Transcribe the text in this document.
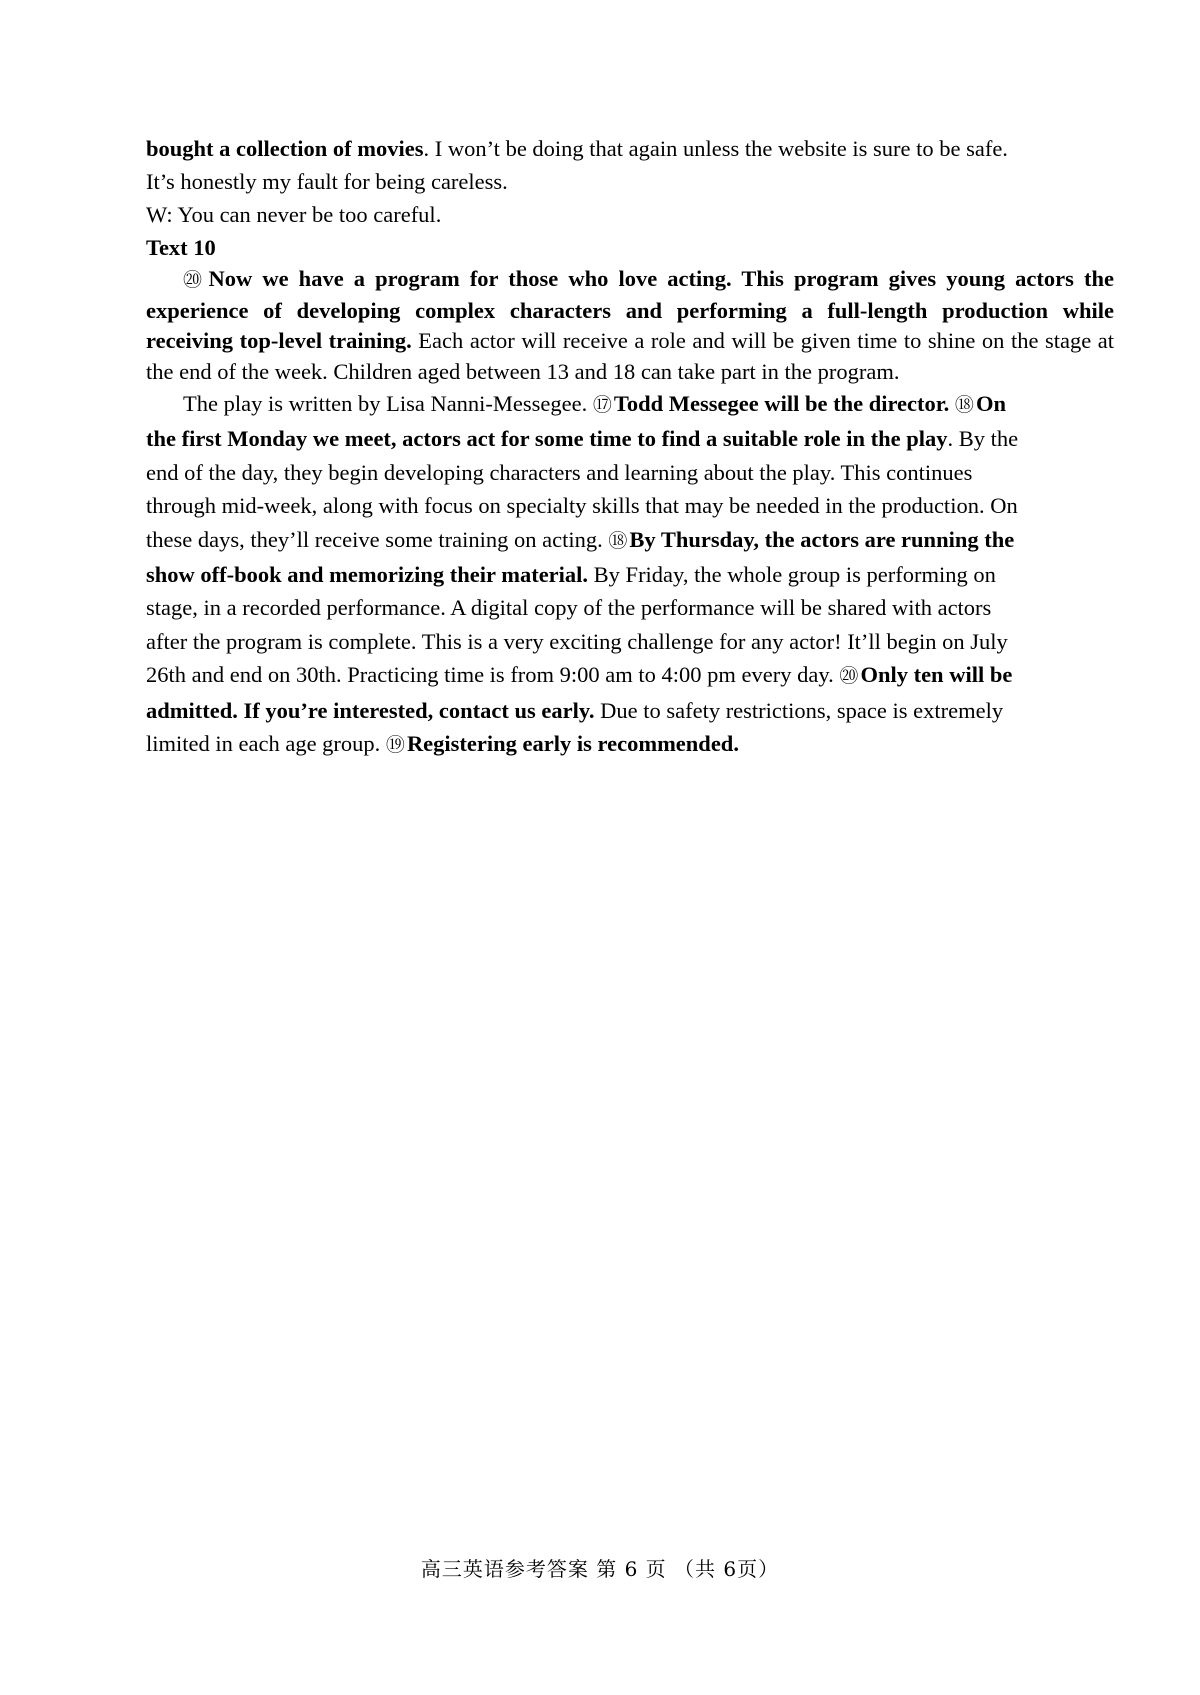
bought a collection of movies. I won’t be doing that again unless the website is sure to be safe.
It’s honestly my fault for being careless.
W: You can never be too careful.
Text 10

⑳Now we have a program for those who love acting. This program gives young actors the experience of developing complex characters and performing a full-length production while receiving top-level training. Each actor will receive a role and will be given time to shine on the stage at the end of the week. Children aged between 13 and 18 can take part in the program.

The play is written by Lisa Nanni-Messegee. ⑰Todd Messegee will be the director. ⑱On
the first Monday we meet, actors act for some time to find a suitable role in the play. By the
end of the day, they begin developing characters and learning about the play. This continues
through mid-week, along with focus on specialty skills that may be needed in the production. On
these days, they’ll receive some training on acting. ⑱By Thursday, the actors are running the
show off-book and memorizing their material. By Friday, the whole group is performing on
stage, in a recorded performance. A digital copy of the performance will be shared with actors
after the program is complete. This is a very exciting challenge for any actor! It’ll begin on July
26th and end on 30th. Practicing time is from 9:00 am to 4:00 pm every day. ⑳Only ten will be
admitted. If you’re interested, contact us early. Due to safety restrictions, space is extremely
limited in each age group. ⑲Registering early is recommended.
高三英语参考答案 第 6 页 （共 6页）
